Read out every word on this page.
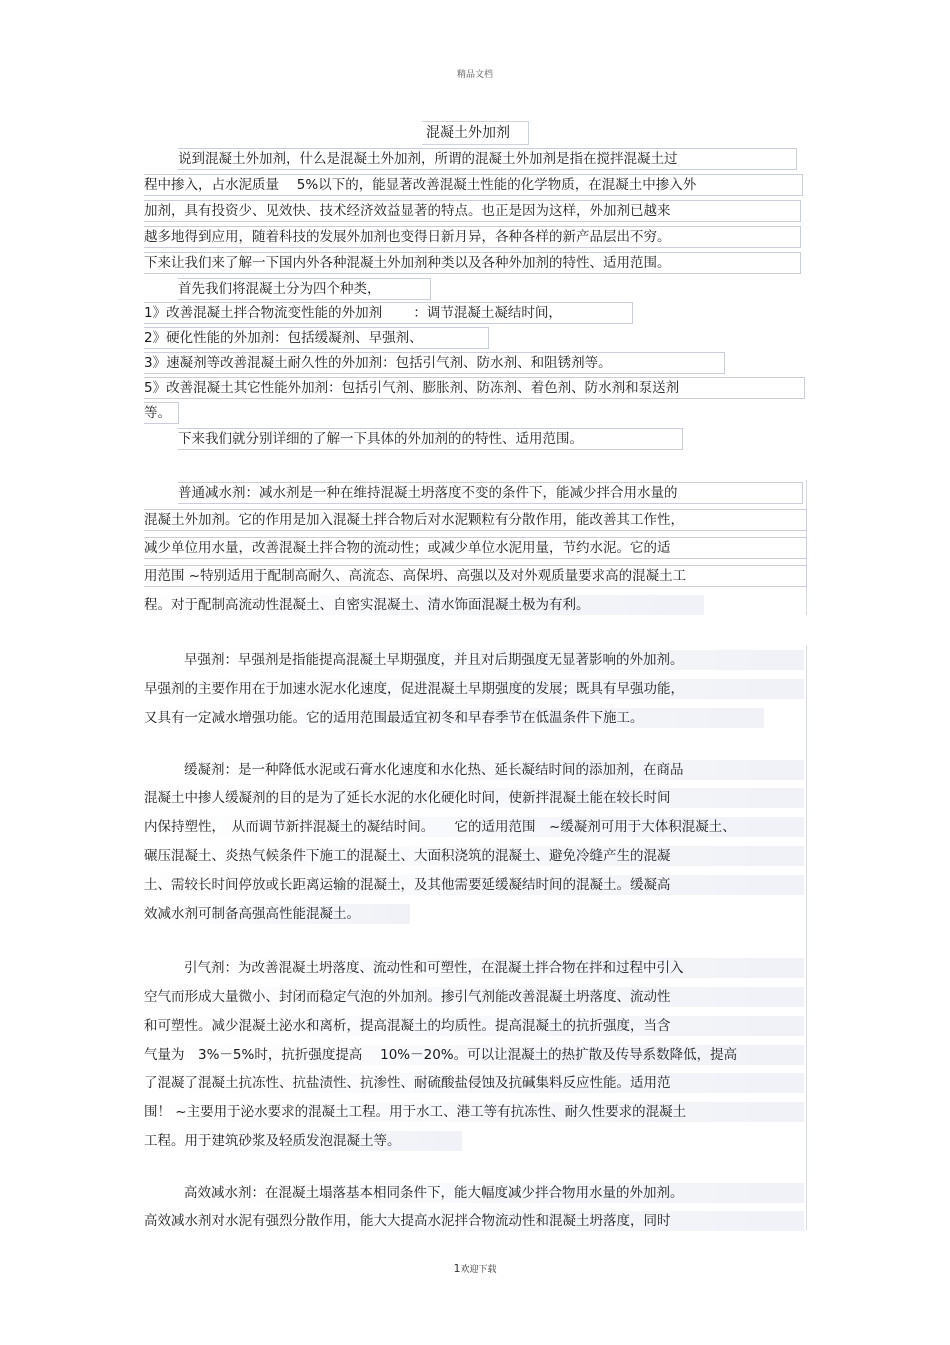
精品文档
混凝土外加剂
说到混凝土外加剂，什么是混凝土外加剂，所谓的混凝土外加剂是指在搅拌混凝土过
程中掺入，占水泥质量　 5%以下的，能显著改善混凝土性能的化学物质，在混凝土中掺入外
加剂，具有投资少、见效快、技术经济效益显著的特点。也正是因为这样，外加剂已越来
越多地得到应用，随着科技的发展外加剂也变得日新月异，各种各样的新产品层出不穷。
下来让我们来了解一下国内外各种混凝土外加剂种类以及各种外加剂的特性、适用范围。
首先我们将混凝土分为四个种类，
1》改善混凝土拌合物流变性能的外加剂　　 ：调节混凝土凝结时间，
2》硬化性能的外加剂：包括缓凝剂、早强剂、
3》速凝剂等改善混凝土耐久性的外加剂：包括引气剂、防水剂、和阻锈剂等。
5》改善混凝土其它性能外加剂：包括引气剂、膨胀剂、防冻剂、着色剂、防水剂和泵送剂
等。
下来我们就分别详细的了解一下具体的外加剂的的特性、适用范围。
普通减水剂：减水剂是一种在维持混凝土坍落度不变的条件下，能减少拌合用水量的
混凝土外加剂。它的作用是加入混凝土拌合物后对水泥颗粒有分散作用，能改善其工作性，
减少单位用水量，改善混凝土拌合物的流动性；或减少单位水泥用量，节约水泥。它的适
用范围 ~特别适用于配制高耐久、高流态、高保坍、高强以及对外观质量要求高的混凝土工
程。对于配制高流动性混凝土、自密实混凝土、清水饰面混凝土极为有利。
早强剂：早强剂是指能提高混凝土早期强度，并且对后期强度无显著影响的外加剂。
早强剂的主要作用在于加速水泥水化速度，促进混凝土早期强度的发展；既具有早强功能，
又具有一定减水增强功能。它的适用范围最适宜初冬和早春季节在低温条件下施工。
缓凝剂：是一种降低水泥或石膏水化速度和水化热、延长凝结时间的添加剂，在商品
混凝土中掺人缓凝剂的目的是为了延长水泥的水化硬化时间，使新拌混凝土能在较长时间
内保持塑性，　从而调节新拌混凝土的凝结时间。　　它的适用范围　~缓凝剂可用于大体积混凝土、
碾压混凝土、炎热气候条件下施工的混凝土、大面积浇筑的混凝土、避免冷缝产生的混凝
土、需较长时间停放或长距离运输的混凝土，及其他需要延缓凝结时间的混凝土。缓凝高
效减水剂可制备高强高性能混凝土。
引气剂：为改善混凝土坍落度、流动性和可塑性，在混凝土拌合物在拌和过程中引入
空气而形成大量微小、封闭而稳定气泡的外加剂。掺引气剂能改善混凝土坍落度、流动性
和可塑性。减少混凝土泌水和离析，提高混凝土的均质性。提高混凝土的抗折强度，当含
气量为　3%－5%时，抗折强度提高　 10%－20%。可以让混凝土的热扩散及传导系数降低，提高
了混凝了混凝土抗冻性、抗盐渍性、抗渗性、耐硫酸盐侵蚀及抗碱集料反应性能。适用范
围！ ~主要用于泌水要求的混凝土工程。用于水工、港工等有抗冻性、耐久性要求的混凝土
工程。用于建筑砂浆及轻质发泡混凝土等。
高效减水剂：在混凝土塌落基本相同条件下，能大幅度减少拌合物用水量的外加剂。
高效减水剂对水泥有强烈分散作用，能大大提高水泥拌合物流动性和混凝土坍落度，同时
1欢迎下载
